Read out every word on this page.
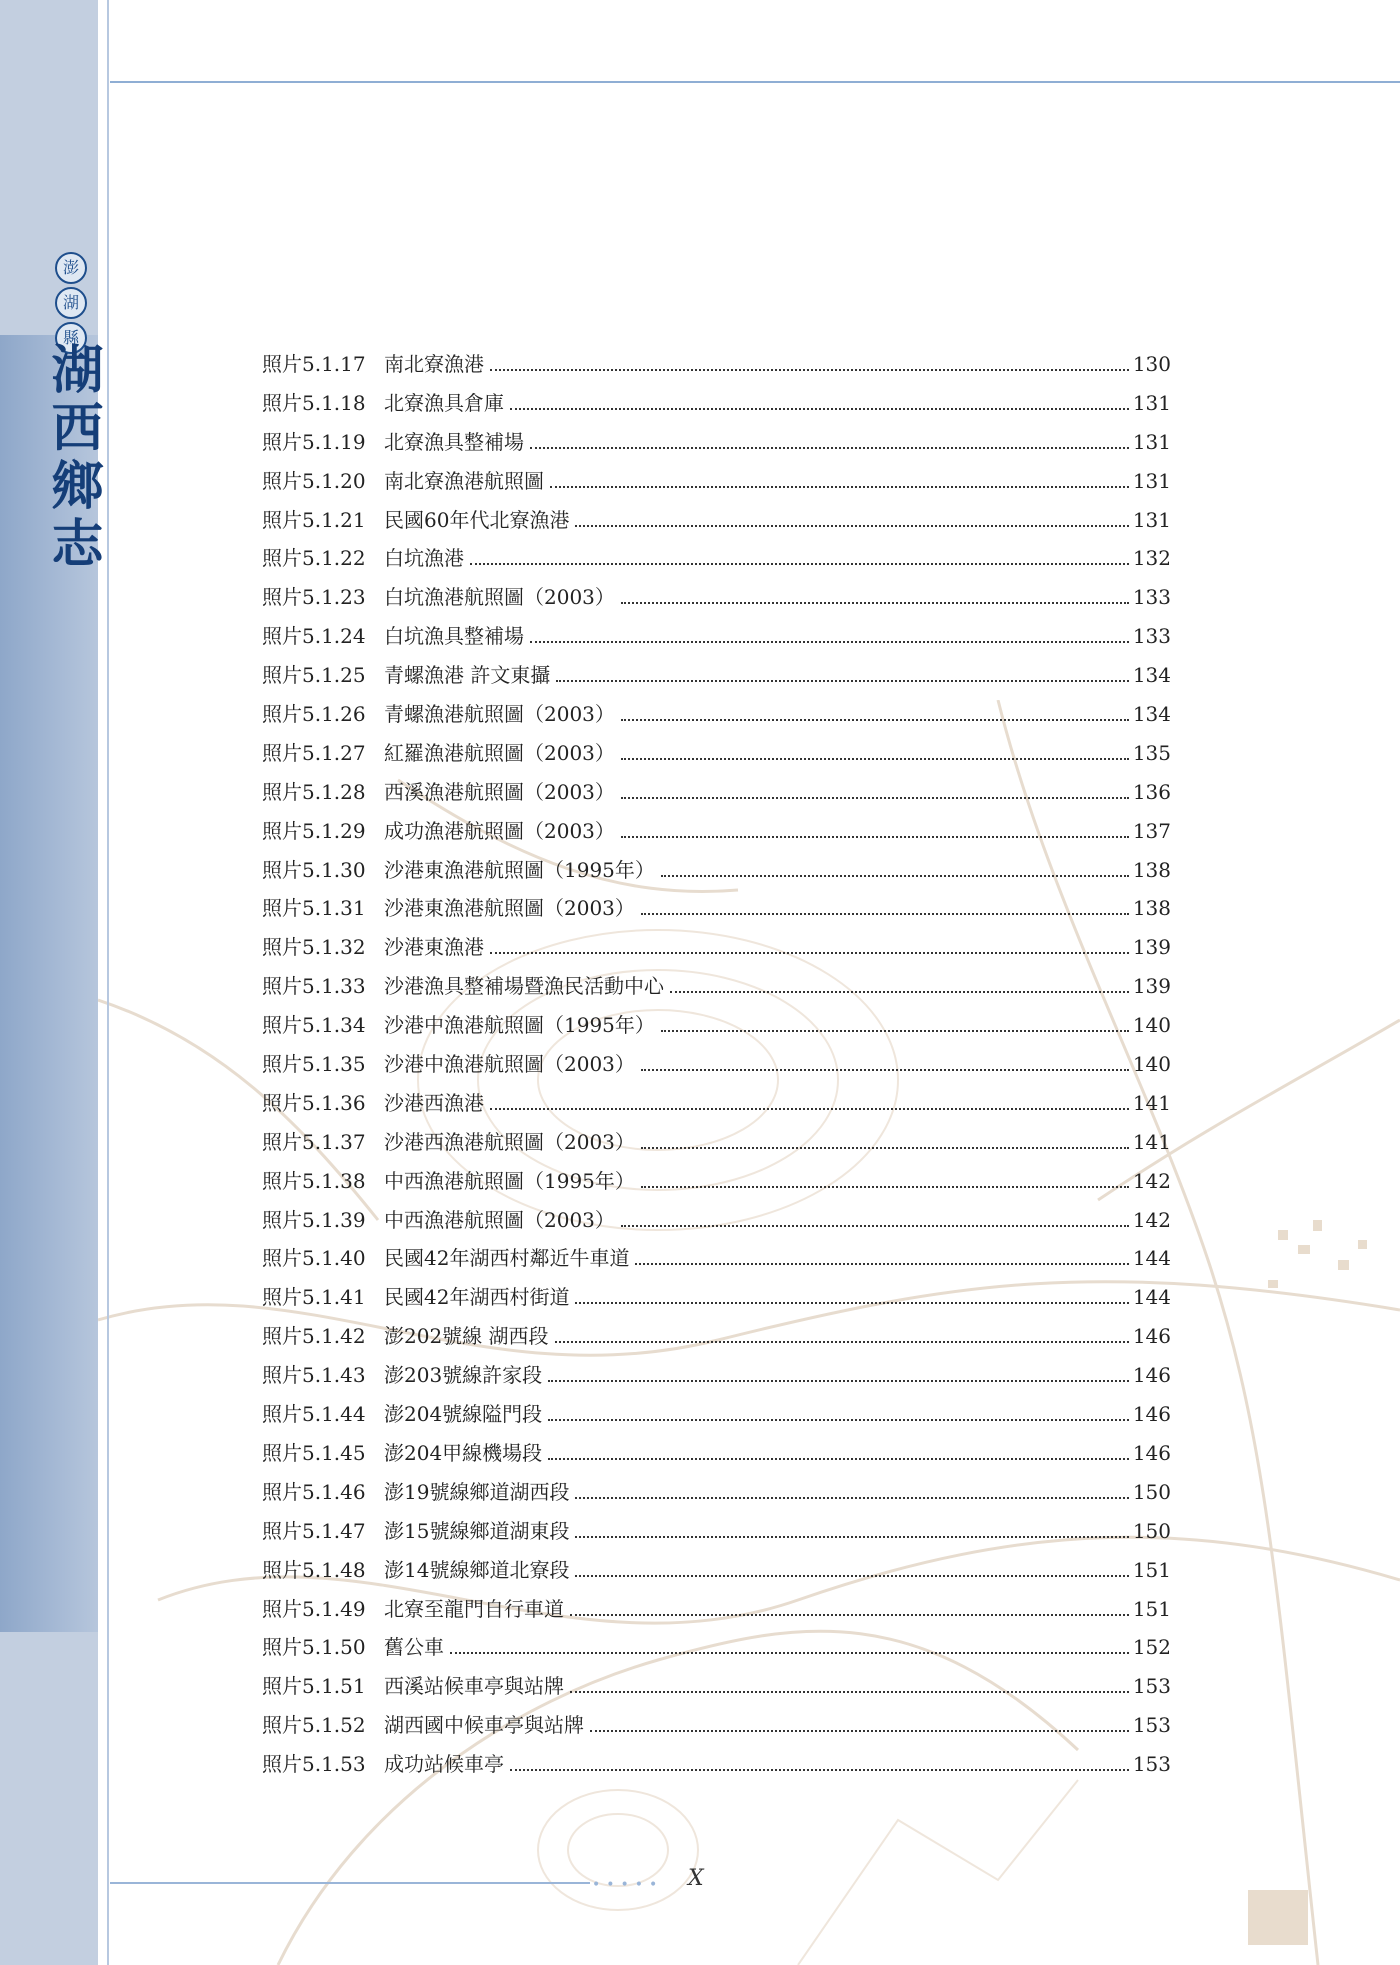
澎
湖
縣
湖西鄉志	照片5.1.17 南北寮漁港	130
照片5.1.18 北寮漁具倉庫	131
照片5.1.19 北寮漁具整補場	131
照片5.1.20 南北寮漁港航照圖	131
照片5.1.21 民國60年代北寮漁港	131
照片5.1.22 白坑漁港	132
照片5.1.23 白坑漁港航照圖（2003）	133
照片5.1.24 白坑漁具整補場	133
照片5.1.25 青螺漁港 許文東攝	134
照片5.1.26 青螺漁港航照圖（2003）	134
照片5.1.27 紅羅漁港航照圖（2003）	135
照片5.1.28 西溪漁港航照圖（2003）	136
照片5.1.29 成功漁港航照圖（2003）	137
照片5.1.30 沙港東漁港航照圖（1995年）	138
照片5.1.31 沙港東漁港航照圖（2003）	138
照片5.1.32 沙港東漁港	139
照片5.1.33 沙港漁具整補場暨漁民活動中心	139
照片5.1.34 沙港中漁港航照圖（1995年）	140
照片5.1.35 沙港中漁港航照圖（2003）	140
照片5.1.36 沙港西漁港	141
照片5.1.37 沙港西漁港航照圖（2003）	141
照片5.1.38 中西漁港航照圖（1995年）	142
照片5.1.39 中西漁港航照圖（2003）	142
照片5.1.40 民國42年湖西村鄰近牛車道	144
照片5.1.41 民國42年湖西村街道	144
照片5.1.42 澎202號線 湖西段	146
照片5.1.43 澎203號線許家段	146
照片5.1.44 澎204號線隘門段	146
照片5.1.45 澎204甲線機場段	146
照片5.1.46 澎19號線鄉道湖西段	150
照片5.1.47 澎15號線鄉道湖東段	150
照片5.1.48 澎14號線鄉道北寮段	151
照片5.1.49 北寮至龍門自行車道	151
照片5.1.50 舊公車	152
照片5.1.51 西溪站候車亭與站牌	153
照片5.1.52 湖西國中候車亭與站牌	153
照片5.1.53 成功站候車亭	153
••••• X
